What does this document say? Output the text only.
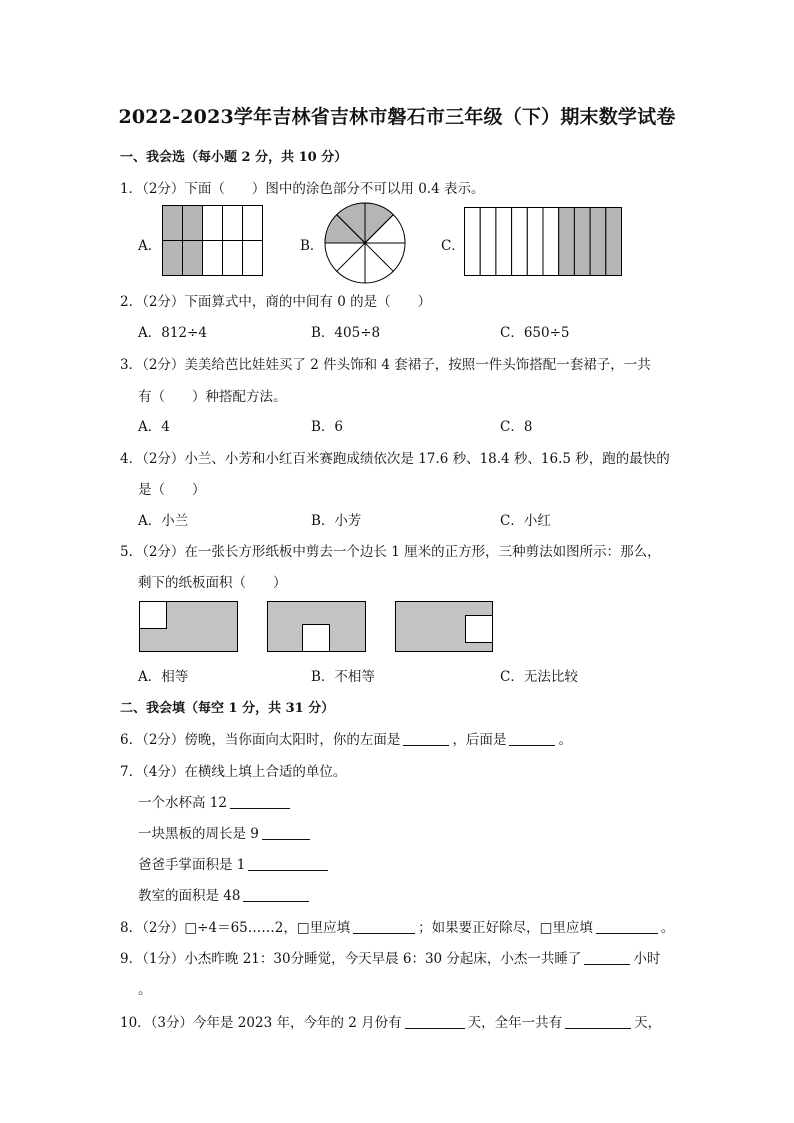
2022-2023学年吉林省吉林市磐石市三年级（下）期末数学试卷
一、我会选（每小题 2 分，共 10 分）
1．（2分）下面（　　）图中的涂色部分不可以用 0.4 表示。
A．	B．	C．
2．（2分）下面算式中，商的中间有 0 的是（　　）
A．812÷4	B．405÷8	C．650÷5
3．（2分）美美给芭比娃娃买了 2 件头饰和 4 套裙子，按照一件头饰搭配一套裙子，一共
有（　　）种搭配方法。
A．4	B．6	C．8
4．（2分）小兰、小芳和小红百米赛跑成绩依次是 17.6 秒、18.4 秒、16.5 秒，跑的最快的
是（　　）
A．小兰	B．小芳	C．小红
5．（2分）在一张长方形纸板中剪去一个边长 1 厘米的正方形，三种剪法如图所示：那么，
剩下的纸板面积（　　）
A．相等	B．不相等	C．无法比较
二、我会填（每空 1 分，共 31 分）
6．（2分）傍晚，当你面向太阳时，你的左面是	，后面是	。
7．（4分）在横线上填上合适的单位。
一个水杯高 12
一块黑板的周长是 9
爸爸手掌面积是 1
教室的面积是 48
8．（2分）□÷4＝65……2，□里应填	；如果要正好除尽，□里应填	。
9．（1分）小杰昨晚 21：30分睡觉，今天早晨 6：30 分起床，小杰一共睡了	小时
。
10．（3分）今年是 2023 年，今年的 2 月份有	天，全年一共有	天，
